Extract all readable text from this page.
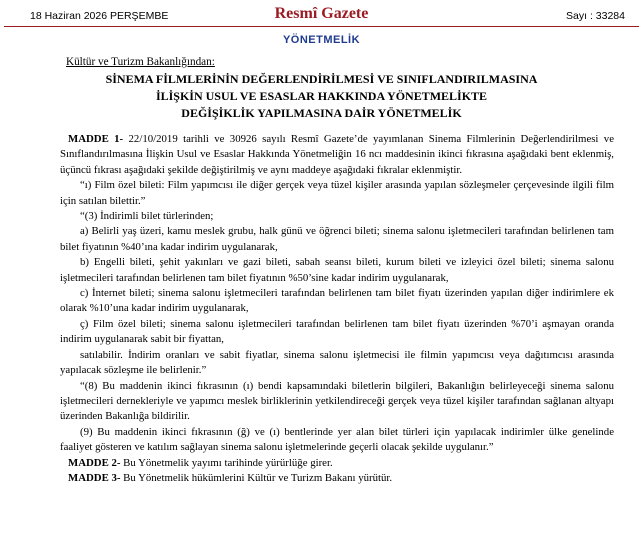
18 Haziran 2026 PERŞEMBE	Resmî Gazete	Sayı : 33284
YÖNETMELİK
Kültür ve Turizm Bakanlığından:
SİNEMA FİLMLERİNİN DEĞERLENDİRİLMESİ VE SINIFLANDIRILMASINA
İLİŞKİN USUL VE ESASLAR HAKKINDA YÖNETMELİKTE
DEĞİŞİKLİK YAPILMASINA DAİR YÖNETMELİK

MADDE 1- 22/10/2019 tarihli ve 30926 sayılı Resmî Gazete’de yayımlanan Sinema Filmlerinin Değerlendirilmesi ve Sınıflandırılmasına İlişkin Usul ve Esaslar Hakkında Yönetmeliğin 16 ncı maddesinin ikinci fıkrasına aşağıdaki bent eklenmiş, üçüncü fıkrası aşağıdaki şekilde değiştirilmiş ve aynı maddeye aşağıdaki fıkralar eklenmiştir.

“ı) Film özel bileti: Film yapımcısı ile diğer gerçek veya tüzel kişiler arasında yapılan sözleşmeler çerçevesinde ilgili film için satılan bilettir.”

“(3) İndirimli bilet türlerinden;

a) Belirli yaş üzeri, kamu meslek grubu, halk günü ve öğrenci bileti; sinema salonu işletmecileri tarafından belirlenen tam bilet fiyatının %40’ına kadar indirim uygulanarak,

b) Engelli bileti, şehit yakınları ve gazi bileti, sabah seansı bileti, kurum bileti ve izleyici özel bileti; sinema salonu işletmecileri tarafından belirlenen tam bilet fiyatının %50’sine kadar indirim uygulanarak,

c) İnternet bileti; sinema salonu işletmecileri tarafından belirlenen tam bilet fiyatı üzerinden yapılan diğer indirimlere ek olarak %10’una kadar indirim uygulanarak,

ç) Film özel bileti; sinema salonu işletmecileri tarafından belirlenen tam bilet fiyatı üzerinden %70’i aşmayan oranda indirim uygulanarak sabit bir fiyattan,

satılabilir. İndirim oranları ve sabit fiyatlar, sinema salonu işletmecisi ile filmin yapımcısı veya dağıtımcısı arasında yapılacak sözleşme ile belirlenir.”

“(8) Bu maddenin ikinci fıkrasının (ı) bendi kapsamındaki biletlerin bilgileri, Bakanlığın belirleyeceği sinema salonu işletmecileri dernekleriyle ve yapımcı meslek birliklerinin yetkilendireceği gerçek veya tüzel kişiler tarafından sağlanan altyapı üzerinden Bakanlığa bildirilir.

(9) Bu maddenin ikinci fıkrasının (ğ) ve (ı) bentlerinde yer alan bilet türleri için yapılacak indirimler ülke genelinde faaliyet gösteren ve katılım sağlayan sinema salonu işletmelerinde geçerli olacak şekilde uygulanır.”

MADDE 2- Bu Yönetmelik yayımı tarihinde yürürlüğe girer.

MADDE 3- Bu Yönetmelik hükümlerini Kültür ve Turizm Bakanı yürütür.
